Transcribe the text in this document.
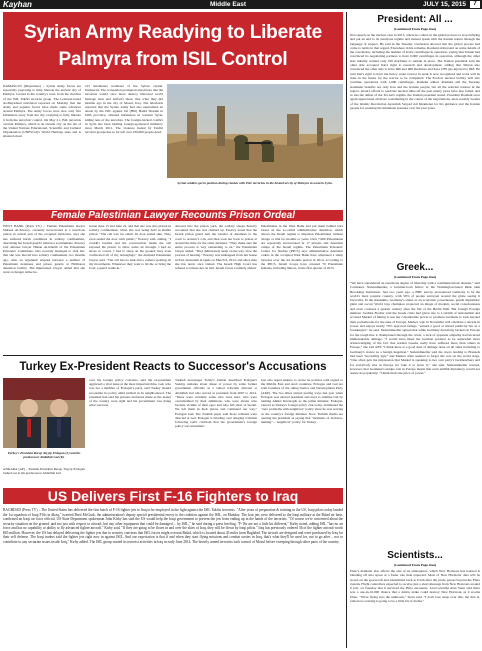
Kayhan	Middle East	JULY 15, 2015	7
Syrian Army Readying to Liberate
Palmyra from ISIL Control
DAMASCUS (Dispatches) – Syrian Army forces are reportedly preparing to fully liberate the ancient city of Palmyra, located in the country's west, from the clutches of the ISIL Takfiri terrorist group. The Lebanon-based Al-Mayadeen television reported on Monday that the Army and popular forces have made some advances around Palmyra. The Army forces were now only five kilometers away from the city, readying to fully liberate it from the terrorists' control. On May 21, ISIL terrorists overran Palmyra, which is an ancient city on the list of the United Nations Educational, Scientific and Cultural Organization (UNESCO)'s World Heritage sites and is situated about
215 kilometers northeast of the Syrian capital, Damascus. The occupation prompted raised fears that the terrorists would once more destroy historical world heritage sites and artifacts there, like what they did months ago in the city of Mosul, Iraq. The television reported that the Syrian Army had also neutralized an attack by the ISIL against Tal (Hill) Hadid Shariah in Idlib province, situated kilometers in western Syria, killing tens of the terrorists. The foreign-backed conflict in Syria has been battling foreign-sponsored militancy since March 2011. The violence fueled by Takfiri terrorist groups has so far left over 230,000 people dead.
Syrian soldiers get in position during clashes with ISIL terrorists in the historical city of Palmyra in western Syria.
Female Palestinian Lawyer Recounts Prison Ordeal
WEST BANK (Press TV) – Female Palestinian lawyer Shireen Al-Eesawy, currently incarcerated at a notorious prison in central part of the occupied territories, says she has suffered harsh conditions in solitary confinement, describing her Israeli guards' behavior as inhumane. Eesawy told defense lawyer Hanan Al-Khatib of the Palestinian Prisoners' Committee, who recently managed to visit her, that she was moved into solitary confinement two months ago, after an argument erupted between a number of Palestinian detainees and prison guards at HaSharon detention facility. The imprisoned lawyer added that she went on hunger strike be-
tween June 15 and June 22, and that she was also placed in solitary confinement, when she was being held in Ramla prison. "The cell was too small. Its door sealed shut. They even sealed the door with plastic," Eesawy said, adding, "I couldn't breathe and the conversation inside the cell exposed the plastic to allow some air through. I had no shoes or covers. I had to sleep on the ground; they even confiscated all of my belongings," the detained Palestinian lawyer said. "The cell has no sink and a camera spotting all my movements. Whenever they want to hit me or bring me food, a guard walks in."
allowed into the prison yard, the solitary sleeps Eesawy recounted that she was chained up. Eesawy noted that the Israeli prison guard sent the transfer of detainees to the court to around 2 a.m. and then took her back to prison at around the time for the other detained. "They make sure the entire process is very exhausting to us," the Palestinian lawyer added. "They deliberately sleep on the way, slow the process of hearing." Eesawy was kidnapped from her house in East Jerusalem al-Quds on March 6, 2014, and since then she has never once visited. The Israeli High Court has refused to release her on bail. Israeli forces routinely abduct
Palestinians in the West Bank and put them behind bars based on the so-called administrative detention, which allows the Israeli regime to imprison Palestinians without charge or trial for months or years. Over 7,000 Palestinians are reportedly incarcerated in 17 prisons and detention camps of the Israeli regime. The Palestinian Prisoners' Center for Studies (PPCS) says administrative detention orders in the occupied West Bank have witnessed a sharp increase over the six months period in 2014, according to the PPCS, Israeli troops have arrested 70 Palestinian females, including minors, in the first quarter of 2015.
Turkey Ex-President Reacts to Successor's Accusations
Turkey's President Recep Tayyip Erdogan (L) and his predecessor Abdullah Gul (R).
ANKARA (AP) – Turkish President Recep Tayyip Erdogan lashed out at his predecessor Abdullah Gul
over his foreign policy concerns, said the ex-president aggrieved a vital issue at the most important time. Gul, who was not a member of Erdogan's party, said Turkey should reconsider its policy amid turmoil in its neighborhood. The president had said his greatest decisions made as the leader of the country were right and his government was doing what was best.
Turkish newspaper Today's Zaman described Erdogan's Sunday remarks about abuse of power by some former government officials as a veiled criticism directed at Abdullah Gul who served as president from 2007 to 2014. "There were certainly some who were hurt, who were overwhelmed by their ambitions, who were afraid, who became victims of their egos and who fell short of breath. We left them in their places and continued our way," Erdogan said. The Turkish paper said those remarks were directed at Gul. Erdogan is bristling over stinging criticism following Gul's criticism that the government's foreign policy was unrealistic.
Gul also urged Ankara to revise its policies with regard to the Middle East and Arab countries. Erdogan and Gul are both founders of the ruling Justice and Development Party (AKP). The two allies started parting ways last year when Erdogan was elected president and tried to sideline Gul by naming Ahmet Davutoglu as the prime minister. Erdogan, viewed as Turkey's foreign policy czar today, dominated the "zero problems with neighbors" policy since he was serving as the country's foreign minister. Now, Turkish media are quoting the president as saying that "moments of decision-making" ... neighbors" policy for Turkey.
US Delivers First F-16 Fighters to Iraq
BAGHDAD (Press TV) – The United States has delivered the first batch of F-16 fighter jets to Iraq to be employed in the fight against the ISIL Takfiri terrorists. "After years of preparation & training in the US, Iraqi pilots today landed the 1st squadron of Iraqi F16s in #Iraq," tweeted Brett McGurk, the administration's deputy special presidential envoy to the coalition against the ISIL, on Monday. The four jets were delivered to the Iraqi military at the Balad air base, confirmed an Iraqi air force official. US State Department spokesman John Kirby has said the US would help the Iraqi government to prevent the jets from ending up in the hands of the terrorists. "Of course we're concerned about the security situation on the ground, and not just with respect to aircraft, but any other equipment that could be damaged ... by ISIL," he said during a press briefing. "F-16s are not a little bit different," Kirby noted, adding ISIL "has no air force and has no capability or ability to fly advanced fighter aircraft." Kirby said, "If they are going to be flown in and over the skies of Iraq, they will be flown by Iraqi pilots." Iraq has previously ordered 36 of the fighter aircraft worth $65 million. However, the US has delayed delivering the fighter jets due to security concerns that ISIL forces might overrun Balad, which is located about 45 miles from Baghdad. The aircraft are designed and were purchased by Iraq for their self defense. The Iraqi traders said the fighter jets right now in against ISIL. And our expectation is that if and when they start flying missions and combat sorties in Iraq, that's what they'll be used for, not to go after – not to contribute to any sectarian issues inside Iraq," Kirby added. The ISIL group started its terrorist activities in Iraq in early June 2014. The heavily armed terrorists took control of Mosul before sweeping through other parts of the country.
President: All ...
(Continued From Page One)
first speech on the nuclear case in 2013, where he called on the global powers to stop bullying and put an end to its sanctions regime and instead speak with the Iranian nation through the language of respect. He said in the Tuesday conclusion showed that the global powers had come to terms in that regard. Elsewhere in his remarks, Rouhani elaborated on some details of the conclusion, including the number of Iran's centrifuges in operation, saying that Tehran had convinced its negotiating partners to have 6,000 centrifuges in operation, although the other side initially wanted only 100 machines to remain in place. The Iranian president said the other side accepted Iran's right to research and development, adding that Tehran also convinced the other side to have IR6 and IR8 machines and have UF6 gas injected to IR8. He said Iran's right to have the heavy water reactor in Arak is now recognized and work will be done in the future for the reactor to be completed. The Fordow nuclear facility will also continue operations with 1,000 centrifuges, Rouhani added. Rouhani and the Tuesday statement benefits not only Iran and the Iranian people, but all the relevant nations in the region. Israel's efforts to push the nuclear talks off the past ninety years have also failed, and so has the defeat of the Tel Aviv regime, the Iranian president stated. President Rouhani once again appreciated all those contributing in the course of the negotiations, most notably Leader of the Islamic Revolution Ayatollah Seyyed Ali Khamenei for his guidance and the Iranian people for resisting the inhumane pressure over the past years.
Greek...
(Continued From Page One)
"We have squandered an enormous degree of liberality with a communications disaster," said Constanze Stelzenmueller, a German-born fellow at the Washington-based think tank Brookings Institution. Just two years ago, a BBC survey pronounced Germany to be the world's most popular country, with 59% of people surveyed around the globe seeing it favorably. In the meantime, Germany's status as an economic powerhouse, gentle diplomatic giant and soccer World Cup champion projected an image of modern, social consciousness and even coolness a quarter century after the fall of the Berlin Wall. But foreign Foreign minister Joschka Fischer said the Greek crisis had given rise to a rebirth of nationalism and accused Merkel of failing to use her considerable power to promote Germans to look beyond their pocketbooks for the sake of Europe. Merkel, who in November will celebrate a decade in power and enjoys nearly 70% approval ratings, "earned a good or mixed publicity but as a bookkeeper", he said. Stelzenmueller agreed that while Germany had many backers in Europe for the tough line it championed through the crisis, a lack of apparent empathy had incurred immeasurable damage. "I would have liked the German position to be somewhat more acknowledging of the fact that normal Greeks really have suffered more than others in Europe," she told AFP. "I think there is a good deal of damage done on all sides including to Germany's stance as a benign hegemon." Stelzenmueller said the doors leading to Brussels had been "incredibly ugly" and Merkel often seemed to forget she was on the world stage. "One often gets the impression that Merkel is speaking to her own party's backbenchers and for everybody else in Europe it's 'take it or leave it'," she said. Stelzenmueller warned, however, that Germany's unique role in Europe meant that even skillful diplomacy would not assure its popularity. "I think that's the price of power."
Scientists...
(Continued From Page One)
Pluto's diameter also affects the size of its atmosphere, which New Horizons has learned is bleeding off into space at a faster rate than expected. Most of New Horizons' data will be stored on the spacecraft and transmitted back to Earth after the probe passes beyond the Pluto system. Flight controllers expected to receive just a short message from New Horizons around 9 p.m. on Tuesday that it survived the Pluto encounter. Lead scientist Alan Stern said there was a one-in-10,000 chance that a debris strike could destroy New Horizons as it zooms Pluto. "We're flying into the unknown," Stern said. "I don't lose sleep over this, but that is, tomorrow evening is going to be a little bit of drama."
